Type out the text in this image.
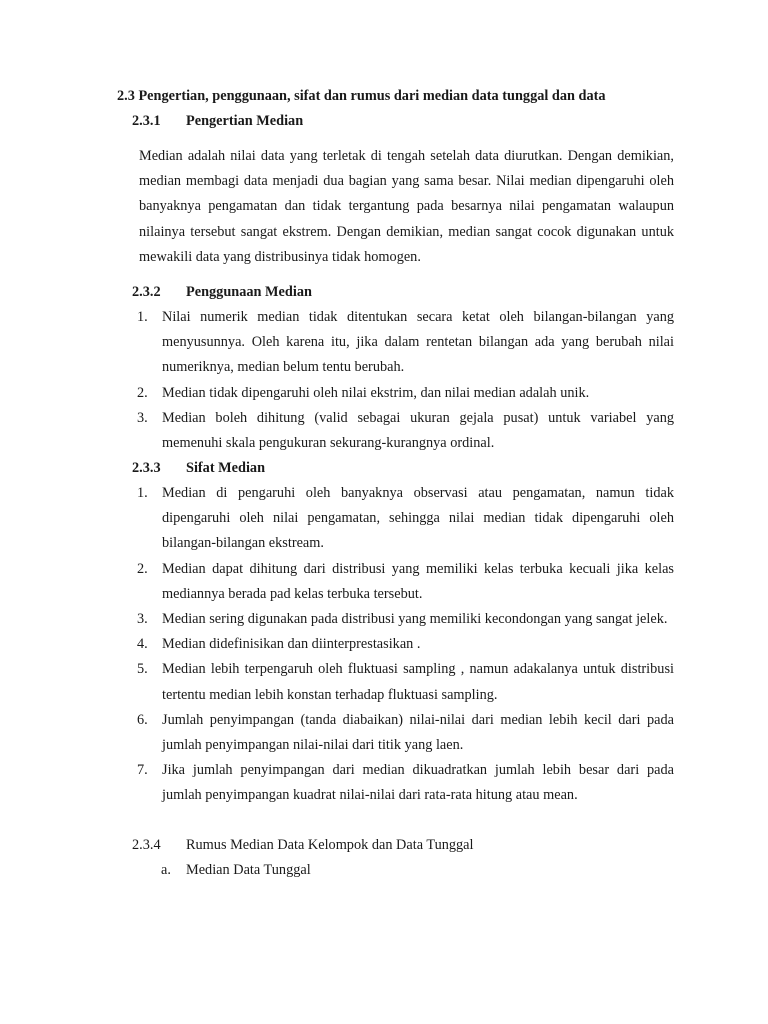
2.3 Pengertian, penggunaan, sifat dan rumus dari median data tunggal dan data
2.3.1 Pengertian Median

Median adalah nilai data yang terletak di tengah setelah data diurutkan. Dengan demikian, median membagi data menjadi dua bagian yang sama besar. Nilai median dipengaruhi oleh banyaknya pengamatan dan tidak tergantung pada besarnya nilai pengamatan walaupun nilainya tersebut sangat ekstrem. Dengan demikian, median sangat cocok digunakan untuk mewakili data yang distribusinya tidak homogen.

2.3.2 Penggunaan Median
1. Nilai numerik median tidak ditentukan secara ketat oleh bilangan-bilangan yang menyusunnya. Oleh karena itu, jika dalam rentetan bilangan ada yang berubah nilai numeriknya, median belum tentu berubah.
2. Median tidak dipengaruhi oleh nilai ekstrim, dan nilai median adalah unik.
3. Median boleh dihitung (valid sebagai ukuran gejala pusat) untuk variabel yang memenuhi skala pengukuran sekurang-kurangnya ordinal.
2.3.3 Sifat Median
1. Median di pengaruhi oleh banyaknya observasi atau pengamatan, namun tidak dipengaruhi oleh nilai pengamatan, sehingga nilai median tidak dipengaruhi oleh bilangan-bilangan ekstream.
2. Median dapat dihitung dari distribusi yang memiliki kelas terbuka kecuali jika kelas mediannya berada pad kelas terbuka tersebut.
3. Median sering digunakan pada distribusi yang memiliki kecondongan yang sangat jelek.
4. Median didefinisikan dan diinterprestasikan .
5. Median lebih terpengaruh oleh fluktuasi sampling , namun adakalanya untuk distribusi tertentu median lebih konstan terhadap fluktuasi sampling.
6. Jumlah penyimpangan (tanda diabaikan) nilai-nilai dari median lebih kecil dari pada jumlah penyimpangan nilai-nilai dari titik yang laen.
7. Jika jumlah penyimpangan dari median dikuadratkan jumlah lebih besar dari pada jumlah penyimpangan kuadrat nilai-nilai dari rata-rata hitung atau mean.
2.3.4 Rumus Median Data Kelompok dan Data Tunggal
a. Median Data Tunggal
